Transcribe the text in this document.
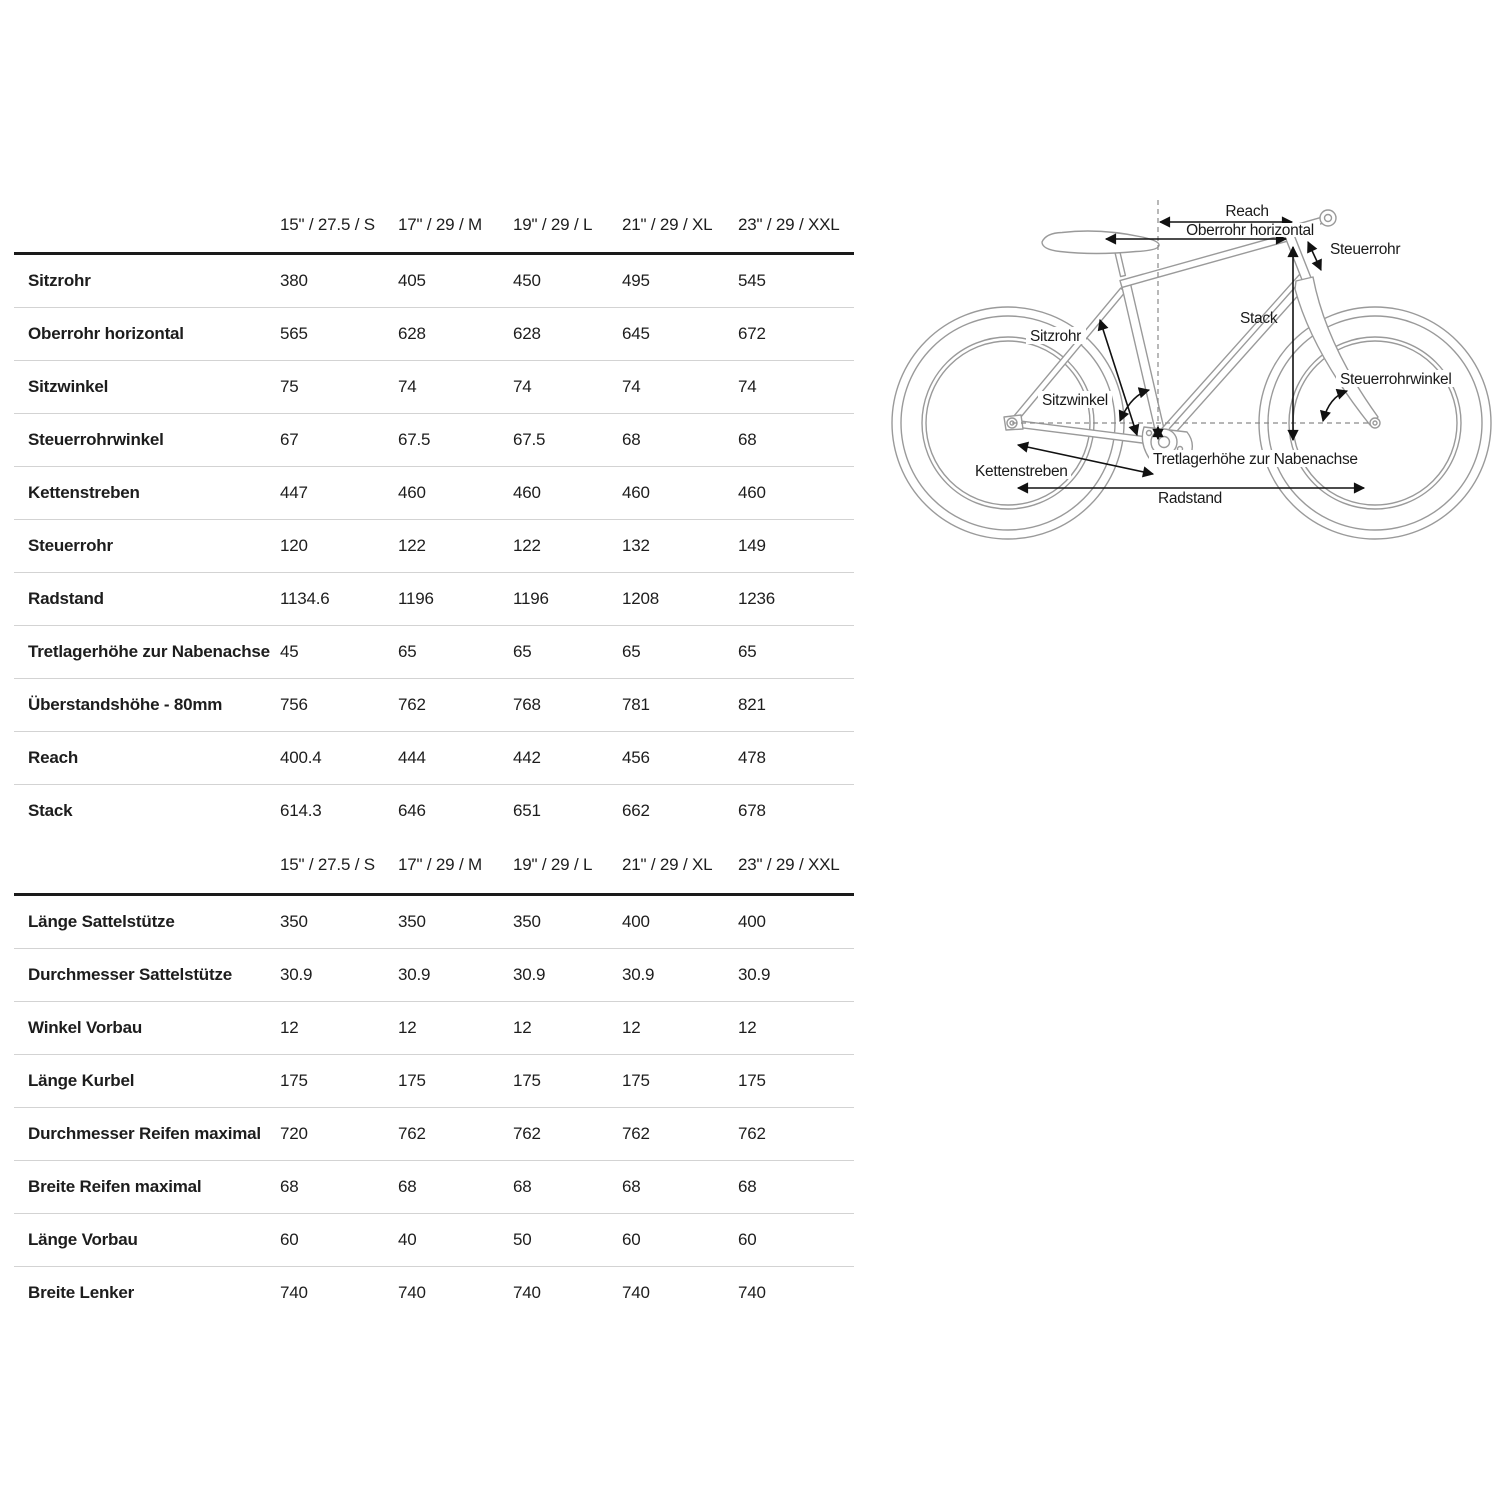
	15" / 27.5 / S	17" / 29 / M	19" / 29 / L	21" / 29 / XL	23" / 29 / XXL
Sitzrohr	380	405	450	495	545
Oberrohr horizontal	565	628	628	645	672
Sitzwinkel	75	74	74	74	74
Steuerrohrwinkel	67	67.5	67.5	68	68
Kettenstreben	447	460	460	460	460
Steuerrohr	120	122	122	132	149
Radstand	1134.6	1196	1196	1208	1236
Tretlagerhöhe zur Nabenachse	45	65	65	65	65
Überstandshöhe - 80mm	756	762	768	781	821
Reach	400.4	444	442	456	478
Stack	614.3	646	651	662	678
	15" / 27.5 / S	17" / 29 / M	19" / 29 / L	21" / 29 / XL	23" / 29 / XXL
Länge Sattelstütze	350	350	350	400	400
Durchmesser Sattelstütze	30.9	30.9	30.9	30.9	30.9
Winkel Vorbau	12	12	12	12	12
Länge Kurbel	175	175	175	175	175
Durchmesser Reifen maximal	720	762	762	762	762
Breite Reifen maximal	68	68	68	68	68
Länge Vorbau	60	40	50	60	60
Breite Lenker	740	740	740	740	740
Reach
Oberrohr horizontal
Steuerrohr
Stack
Sitzrohr
Sitzwinkel
Steuerrohrwinkel
Tretlagerhöhe zur Nabenachse
Kettenstreben
Radstand
